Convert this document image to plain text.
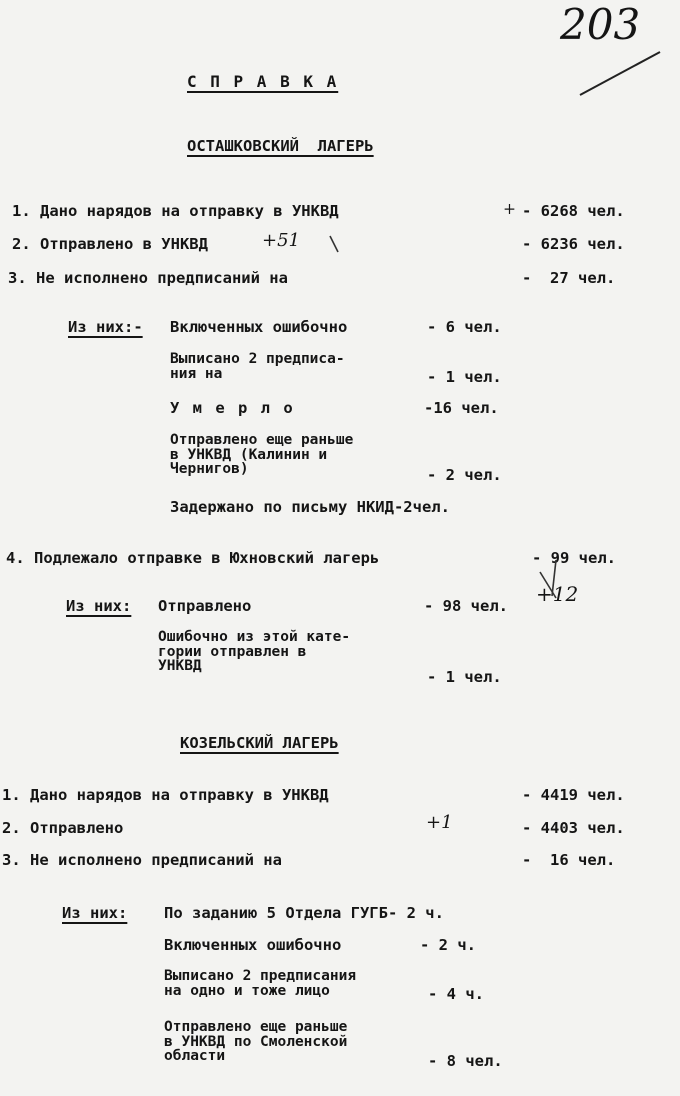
203
С П Р А В К А
ОСТАШКОВСКИЙ  ЛАГЕРЬ
1. Дано нарядов на отправку в УНКВД	+ - 6268 чел.
2. Отправлено в УНКВД	+51	- 6236 чел.
3. Не исполнено предписаний на	-  27 чел.
Из них:- Включенных ошибочно	- 6 чел.
Выписано 2 предписа-
ния на	- 1 чел.
У м е р л о	-16 чел.
Отправлено еще раньше
в УНКВД (Калинин и
Чернигов)	- 2 чел.
Задержано по письму НКИД-2чел.
4. Подлежало отправке в Юхновский лагерь	- 99 чел.
Из них: Отправлено	- 98 чел. +12
Ошибочно из этой кате-
гории отправлен в
УНКВД
- 1 чел.
КОЗЕЛЬСКИЙ ЛАГЕРЬ
1. Дано нарядов на отправку в УНКВД	- 4419 чел.
2. Отправлено	+1	- 4403 чел.
3. Не исполнено предписаний на	-  16 чел.
Из них: По заданию 5 Отдела ГУГБ- 2 ч.
Включенных ошибочно	- 2 ч.
Выписано 2 предписания
на одно и тоже лицо	- 4 ч.
Отправлено еще раньше
в УНКВД по Смоленской
области	- 8 чел.
